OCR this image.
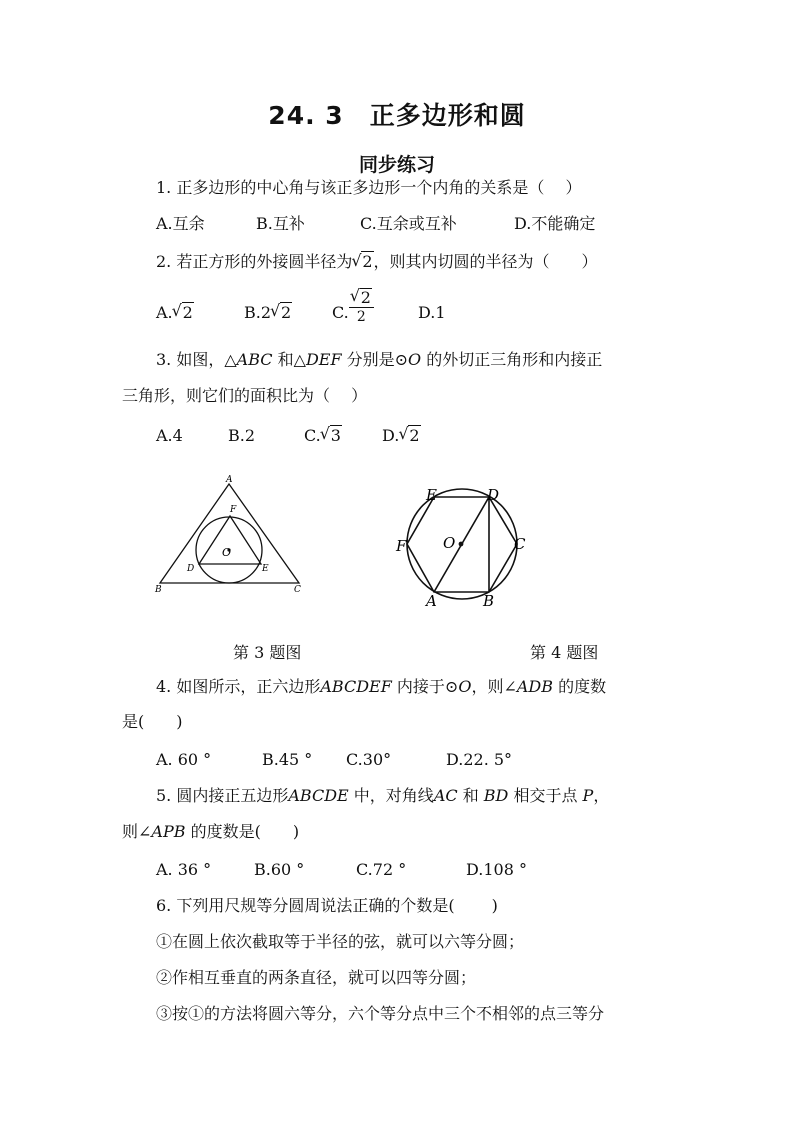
24. 3 正多边形和圆
同步练习
1. 正多边形的中心角与该正多边形一个内角的关系是（　 ）
A.互余	B.互补	C.互余或互补	D.不能确定
2. 若正方形的外接圆半径为 √ 2，则其内切圆的半径为（　　）
A. √ 2	B.2 √ 2	C. √ $\frac{2}{2}$	D.1
3. 如图，△ABC 和△DEF 分别是⊙O 的外切正三角形和内接正
三角形，则它们的面积比为（　 ）
A.4	B.2	C. √ 3	D. √ 2
A
B	C
D	E
F
O
A	B
C
D
E
F O
第 3 题图	第 4 题图
4. 如图所示，正六边形ABCDEF 内接于⊙O，则∠ADB 的度数
是(　　)
A. 60 °	B.45 ° C.30°	D.22. 5°
5. 圆内接正五边形ABCDE 中，对角线AC 和 BD 相交于点 P，
则∠APB 的度数是(　　)
A. 36 °	B.60 °	C.72 °	D.108 °
6. 下列用尺规等分圆周说法正确的个数是(　　 )
①在圆上依次截取等于半径的弦，就可以六等分圆；
②作相互垂直的两条直径，就可以四等分圆；
③按①的方法将圆六等分，六个等分点中三个不相邻的点三等分
